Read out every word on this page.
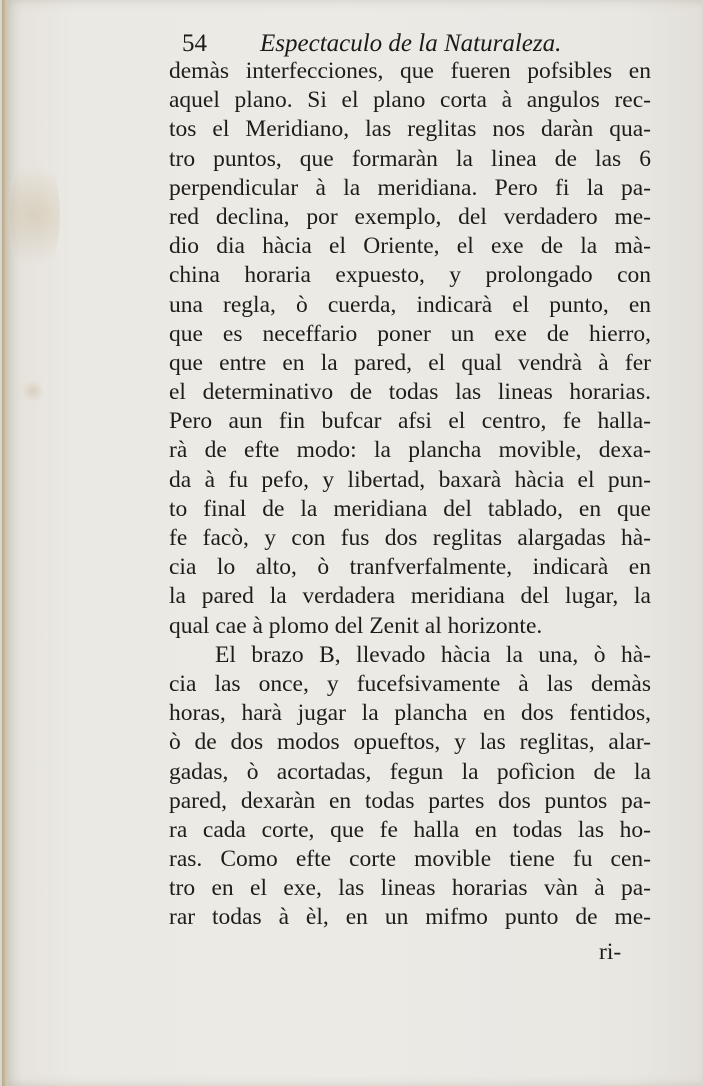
54 Espectaculo de la Naturaleza.
demàs interfecciones, que fueren pofsibles en
aquel plano. Si el plano corta à angulos rec-
tos el Meridiano, las reglitas nos daràn qua-
tro puntos, que formaràn la linea de las 6
perpendicular à la meridiana. Pero fi la pa-
red declina, por exemplo, del verdadero me-
dio dia hàcia el Oriente, el exe de la mà-
china horaria expuesto, y prolongado con
una regla, ò cuerda, indicarà el punto, en
que es neceffario poner un exe de hierro,
que entre en la pared, el qual vendrà à fer
el determinativo de todas las lineas horarias.
Pero aun fin bufcar afsi el centro, fe halla-
rà de efte modo: la plancha movible, dexa-
da à fu pefo, y libertad, baxarà hàcia el pun-
to final de la meridiana del tablado, en que
fe facò, y con fus dos reglitas alargadas hà-
cia lo alto, ò tranfverfalmente, indicarà en
la pared la verdadera meridiana del lugar, la
qual cae à plomo del Zenit al horizonte.
El brazo B, llevado hàcia la una, ò hà-
cia las once, y fucefsivamente à las demàs
horas, harà jugar la plancha en dos fentidos,
ò de dos modos opueftos, y las reglitas, alar-
gadas, ò acortadas, fegun la pofìcion de la
pared, dexaràn en todas partes dos puntos pa-
ra cada corte, que fe halla en todas las ho-
ras. Como efte corte movible tiene fu cen-
tro en el exe, las lineas horarias vàn à pa-
rar todas à èl, en un mifmo punto de me-
ri-
